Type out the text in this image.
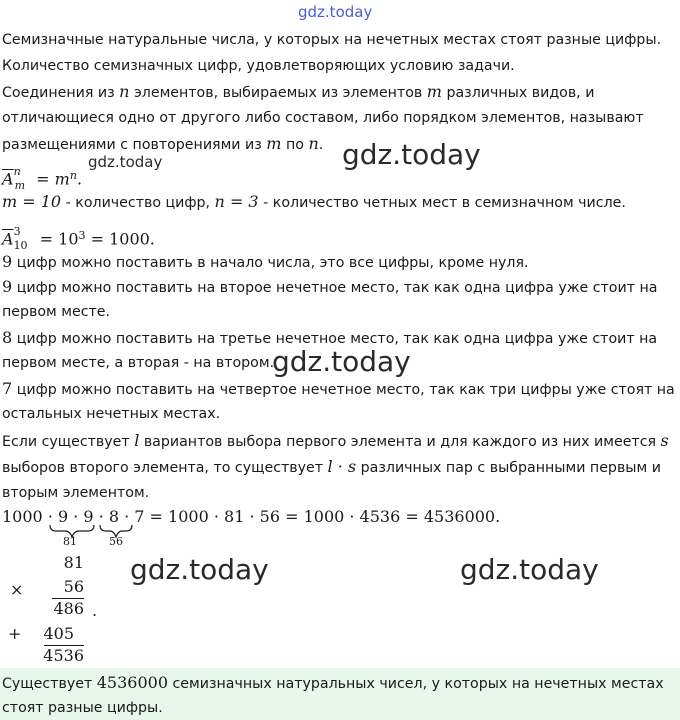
gdz.today
gdz.today
gdz.today
gdz.today
gdz.today	gdz.today
Семизначные натуральные числа, у которых на нечетных местах стоят разные цифры.
Количество семизначных цифр, удовлетворяющих условию задачи.
Соединения из n элементов, выбираемых из элементов m различных видов, и
отличающиеся одно от другого либо составом, либо порядком элементов, называют
размещениями с повторениями из m по n.
$\overline{A}^n_m = m^n$.
m = 10 - количество цифр, n = 3 - количество четных мест в семизначном числе.
$\overline{A}^3_{10} = 10^3 = 1000$.
9 цифр можно поставить в начало числа, это все цифры, кроме нуля.
9 цифр можно поставить на второе нечетное место, так как одна цифра уже стоит на
первом месте.
8 цифр можно поставить на третье нечетное место, так как одна цифра уже стоит на
первом месте, а вторая - на втором.
7 цифр можно поставить на четвертое нечетное место, так как три цифры уже стоят на
остальных нечетных местах.
Если существует l вариантов выбора первого элемента и для каждого из них имеется s
выборов второго элемента, то существует l · s различных пар с выбранными первым и
вторым элементом.
1000 · 9 · 9 · 8 · 7 = 1000 · 81 · 56 = 1000 · 4536 = 4536000.
81	56
81
×	56
486 .
+	405
4536
Существует 4536000 семизначных натуральных чисел, у которых на нечетных местах
стоят разные цифры.
